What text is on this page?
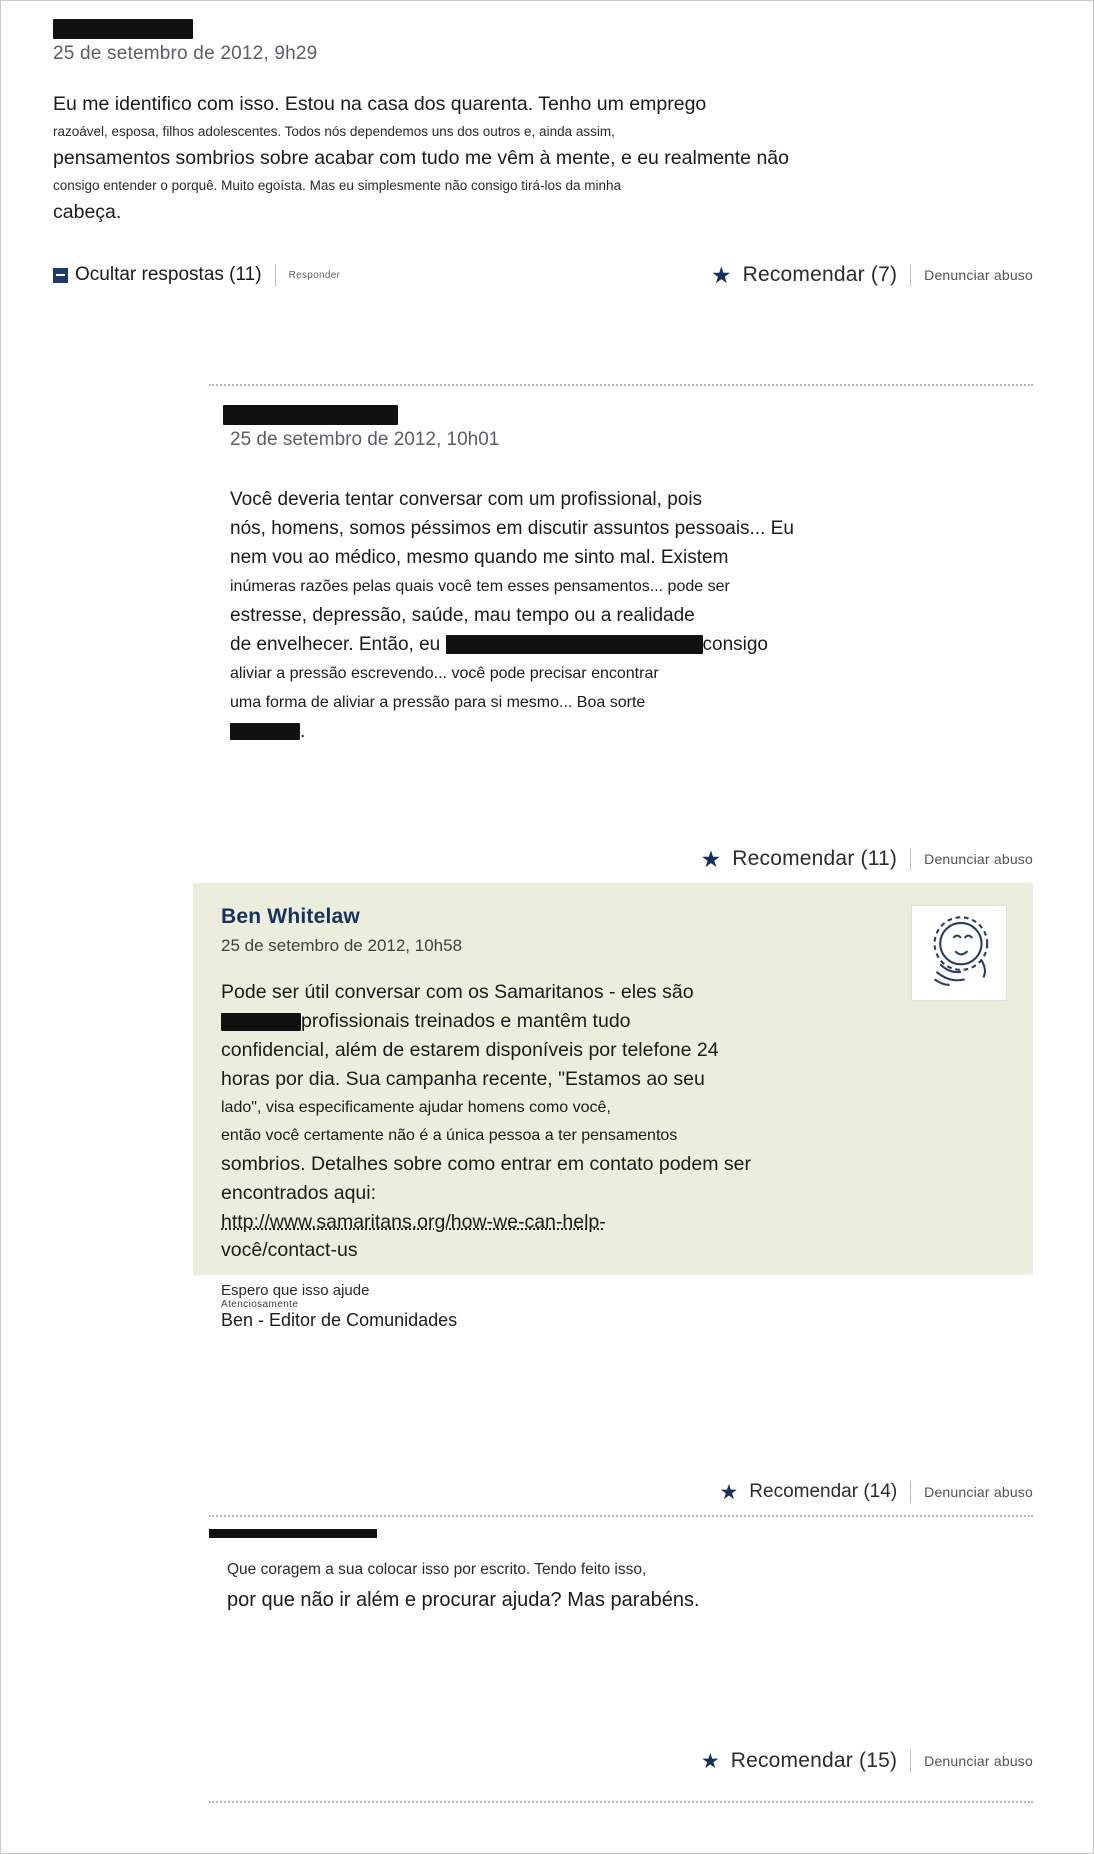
25 de setembro de 2012, 9h29
Eu me identifico com isso. Estou na casa dos quarenta. Tenho um emprego
razoável, esposa, filhos adolescentes. Todos nós dependemos uns dos outros e, ainda assim,
pensamentos sombrios sobre acabar com tudo me vêm à mente, e eu realmente não
consigo entender o porquê. Muito egoísta. Mas eu simplesmente não consigo tirá-los da minha
cabeça.
Ocultar respostas (11)	Responder	★ Recomendar (7) Denunciar abuso
25 de setembro de 2012, 10h01

Você deveria tentar conversar com um profissional, pois

nós, homens, somos péssimos em discutir assuntos pessoais... Eu

nem vou ao médico, mesmo quando me sinto mal. Existem

inúmeras razões pelas quais você tem esses pensamentos... pode ser

estresse, depressão, saúde, mau tempo ou a realidade

de envelhecer. Então, eu	consigo

aliviar a pressão escrevendo... você pode precisar encontrar

uma forma de aliviar a pressão para si mesmo... Boa sorte

.

★ Recomendar (11) Denunciar abuso
Ben Whitelaw
25 de setembro de 2012, 10h58

Pode ser útil conversar com os Samaritanos - eles são

profissionais treinados e mantêm tudo

confidencial, além de estarem disponíveis por telefone 24

horas por dia. Sua campanha recente, "Estamos ao seu

lado", visa especificamente ajudar homens como você,

então você certamente não é a única pessoa a ter pensamentos

sombrios. Detalhes sobre como entrar em contato podem ser

encontrados aqui:

http://www.samaritans.org/how-we-can-help-

você/contact-us

Espero que isso ajude

Atenciosamente

Ben - Editor de Comunidades

★ Recomendar (14) Denunciar abuso
Que coragem a sua colocar isso por escrito. Tendo feito isso,
por que não ir além e procurar ajuda? Mas parabéns.
★ Recomendar (15) Denunciar abuso
